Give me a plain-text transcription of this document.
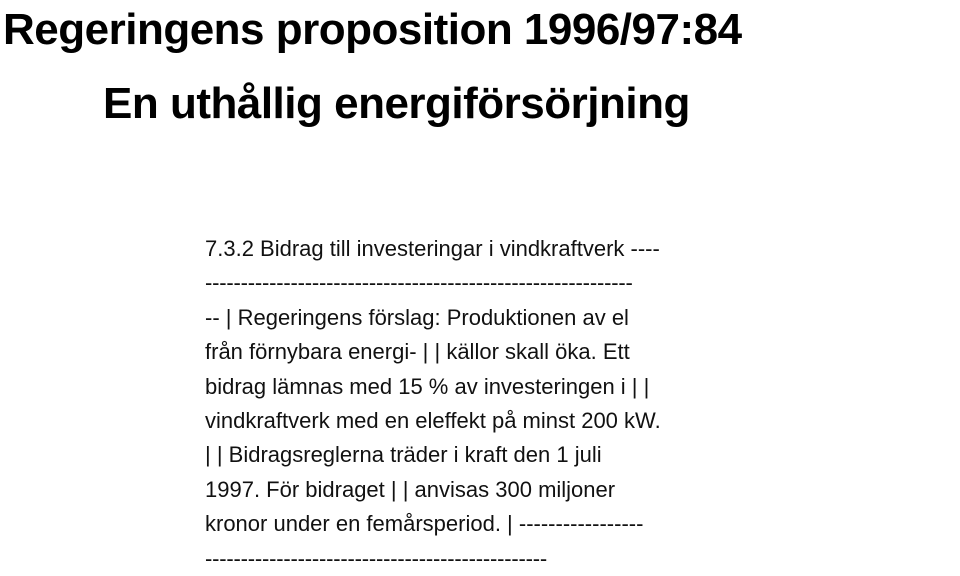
Regeringens proposition 1996/97:84
En uthållig energiförsörjning
7.3.2 Bidrag till investeringar i vindkraftverk ----
------------------------------------------------------------
-- | Regeringens förslag: Produktionen av el
från förnybara energi- | | källor skall öka. Ett
bidrag lämnas med 15 % av investeringen i | |
vindkraftverk med en eleffekt på minst 200 kW.
| | Bidragsreglerna träder i kraft den 1 juli
1997. För bidraget | | anvisas 300 miljoner
kronor under en femårsperiod. | -----------------
------------------------------------------------
